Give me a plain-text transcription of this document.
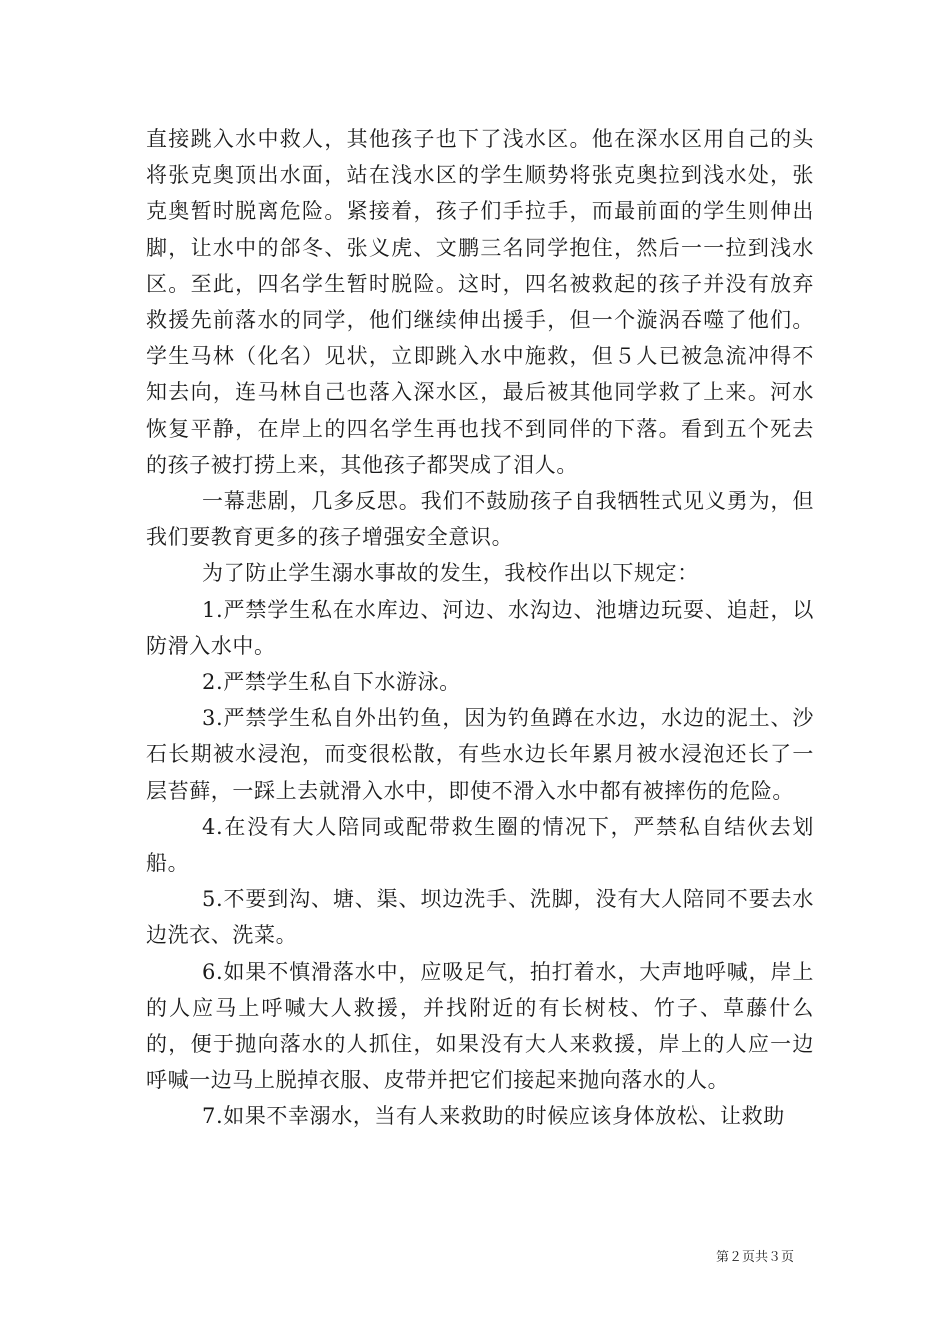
直接跳入水中救人，其他孩子也下了浅水区。他在深水区用自己的头将张克奥顶出水面，站在浅水区的学生顺势将张克奥拉到浅水处，张克奥暂时脱离危险。紧接着，孩子们手拉手，而最前面的学生则伸出脚，让水中的郃冬、张义虎、文鹏三名同学抱住，然后一一拉到浅水区。至此，四名学生暂时脱险。这时，四名被救起的孩子并没有放弃救援先前落水的同学，他们继续伸出援手，但一个漩涡吞噬了他们。学生马林（化名）见状，立即跳入水中施救，但５人已被急流冲得不知去向，连马林自己也落入深水区，最后被其他同学救了上来。河水恢复平静，在岸上的四名学生再也找不到同伴的下落。看到五个死去的孩子被打捞上来，其他孩子都哭成了泪人。

一幕悲剧，几多反思。我们不鼓励孩子自我牺牲式见义勇为，但我们要教育更多的孩子增强安全意识。

为了防止学生溺水事故的发生，我校作出以下规定：

1.严禁学生私在水库边、河边、水沟边、池塘边玩耍、追赶，以防滑入水中。

2.严禁学生私自下水游泳。

3.严禁学生私自外出钓鱼，因为钓鱼蹲在水边，水边的泥土、沙石长期被水浸泡，而变很松散，有些水边长年累月被水浸泡还长了一层苔藓，一踩上去就滑入水中，即使不滑入水中都有被摔伤的危险。

4.在没有大人陪同或配带救生圈的情况下，严禁私自结伙去划船。

5.不要到沟、塘、渠、坝边洗手、洗脚，没有大人陪同不要去水边洗衣、洗菜。

6.如果不慎滑落水中，应吸足气，拍打着水，大声地呼喊，岸上的人应马上呼喊大人救援，并找附近的有长树枝、竹子、草藤什么的，便于抛向落水的人抓住，如果没有大人来救援，岸上的人应一边呼喊一边马上脱掉衣服、皮带并把它们接起来抛向落水的人。

7.如果不幸溺水，当有人来救助的时候应该身体放松、让救助

第２页共３页
